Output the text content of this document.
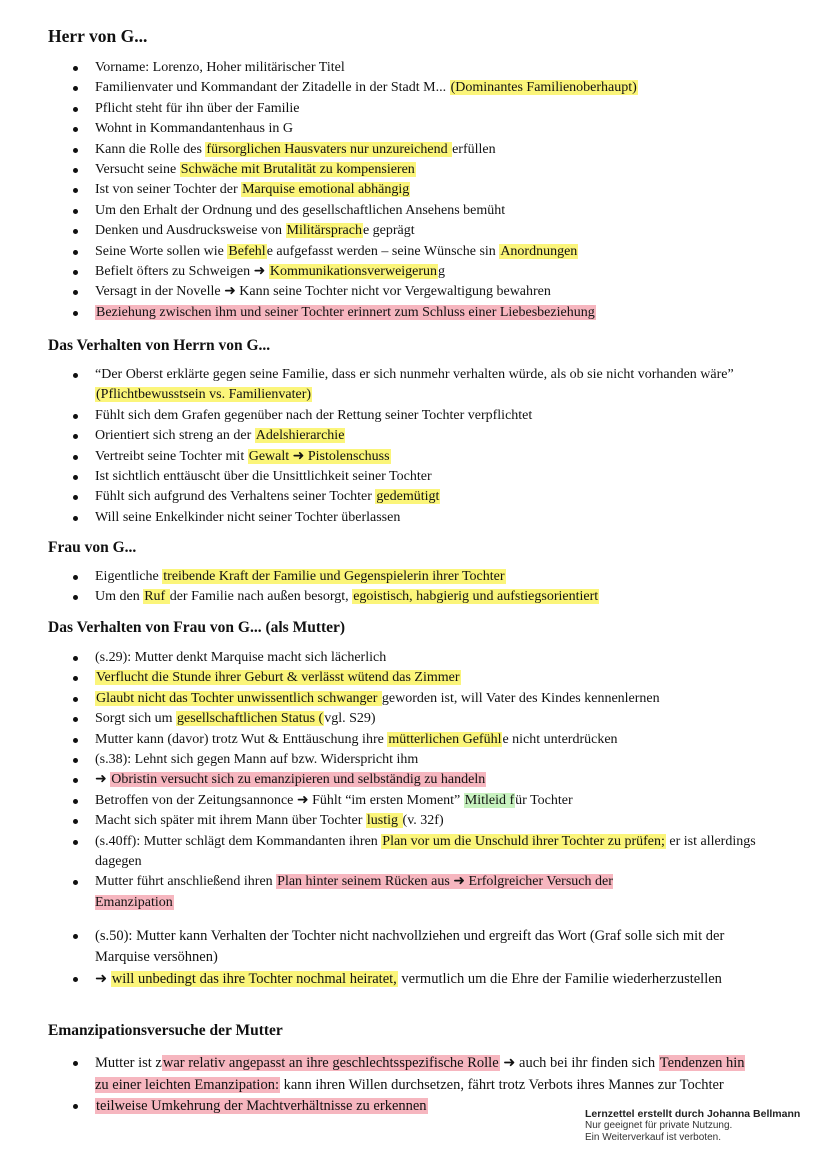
Herr von G...
Vorname: Lorenzo, Hoher militärischer Titel
Familienvater und Kommandant der Zitadelle in der Stadt M... (Dominantes Familienoberhaupt)
Pflicht steht für ihn über der Familie
Wohnt in Kommandantenhaus in G
Kann die Rolle des fürsorglichen Hausvaters nur unzureichend erfüllen
Versucht seine Schwäche mit Brutalität zu kompensieren
Ist von seiner Tochter der Marquise emotional abhängig
Um den Erhalt der Ordnung und des gesellschaftlichen Ansehens bemüht
Denken und Ausdrucksweise von Militärsprache geprägt
Seine Worte sollen wie Befehle aufgefasst werden – seine Wünsche sin Anordnungen
Befielt öfters zu Schweigen ➜ Kommunikationsverweigerung
Versagt in der Novelle ➜ Kann seine Tochter nicht vor Vergewaltigung bewahren
Beziehung zwischen ihm und seiner Tochter erinnert zum Schluss einer Liebesbeziehung
Das Verhalten von Herrn von G...
“Der Oberst erklärte gegen seine Familie, dass er sich nunmehr verhalten würde, als ob sie nicht vorhanden wäre” (Pflichtbewusstsein vs. Familienvater)
Fühlt sich dem Grafen gegenüber nach der Rettung seiner Tochter verpflichtet
Orientiert sich streng an der Adelshierarchie
Vertreibt seine Tochter mit Gewalt ➜ Pistolenschuss
Ist sichtlich enttäuscht über die Unsittlichkeit seiner Tochter
Fühlt sich aufgrund des Verhaltens seiner Tochter gedemütigt
Will seine Enkelkinder nicht seiner Tochter überlassen
Frau von G...
Eigentliche treibende Kraft der Familie und Gegenspielerin ihrer Tochter
Um den Ruf der Familie nach außen besorgt, egoistisch, habgierig und aufstiegsorientiert
Das Verhalten von Frau von G... (als Mutter)
(s.29): Mutter denkt Marquise macht sich lächerlich
Verflucht die Stunde ihrer Geburt & verlässt wütend das Zimmer
Glaubt nicht das Tochter unwissentlich schwanger geworden ist, will Vater des Kindes kennenlernen
Sorgt sich um gesellschaftlichen Status (vgl. S29)
Mutter kann (davor) trotz Wut & Enttäuschung ihre mütterlichen Gefühle nicht unterdrücken
(s.38): Lehnt sich gegen Mann auf bzw. Widerspricht ihm
➜ Obristin versucht sich zu emanzipieren und selbständig zu handeln
Betroffen von der Zeitungsannonce ➜ Fühlt “im ersten Moment” Mitleid für Tochter
Macht sich später mit ihrem Mann über Tochter lustig (v. 32f)
(s.40ff): Mutter schlägt dem Kommandanten ihren Plan vor um die Unschuld ihrer Tochter zu prüfen; er ist allerdings dagegen
Mutter führt anschließend ihren Plan hinter seinem Rücken aus ➜ Erfolgreicher Versuch der Emanzipation
(s.50): Mutter kann Verhalten der Tochter nicht nachvollziehen und ergreift das Wort (Graf solle sich mit der Marquise versöhnen)
➜ will unbedingt das ihre Tochter nochmal heiratet, vermutlich um die Ehre der Familie wiederherzustellen
Emanzipationsversuche der Mutter
Mutter ist zwar relativ angepasst an ihre geschlechtsspezifische Rolle ➜ auch bei ihr finden sich Tendenzen hin zu einer leichten Emanzipation: kann ihren Willen durchsetzen, fährt trotz Verbots ihres Mannes zur Tochter
teilweise Umkehrung der Machtverhältnisse zu erkennen	Lernzettel erstellt durch Johanna Bellmann
Nur geeignet für private Nutzung.
Ein Weiterverkauf ist verboten.
